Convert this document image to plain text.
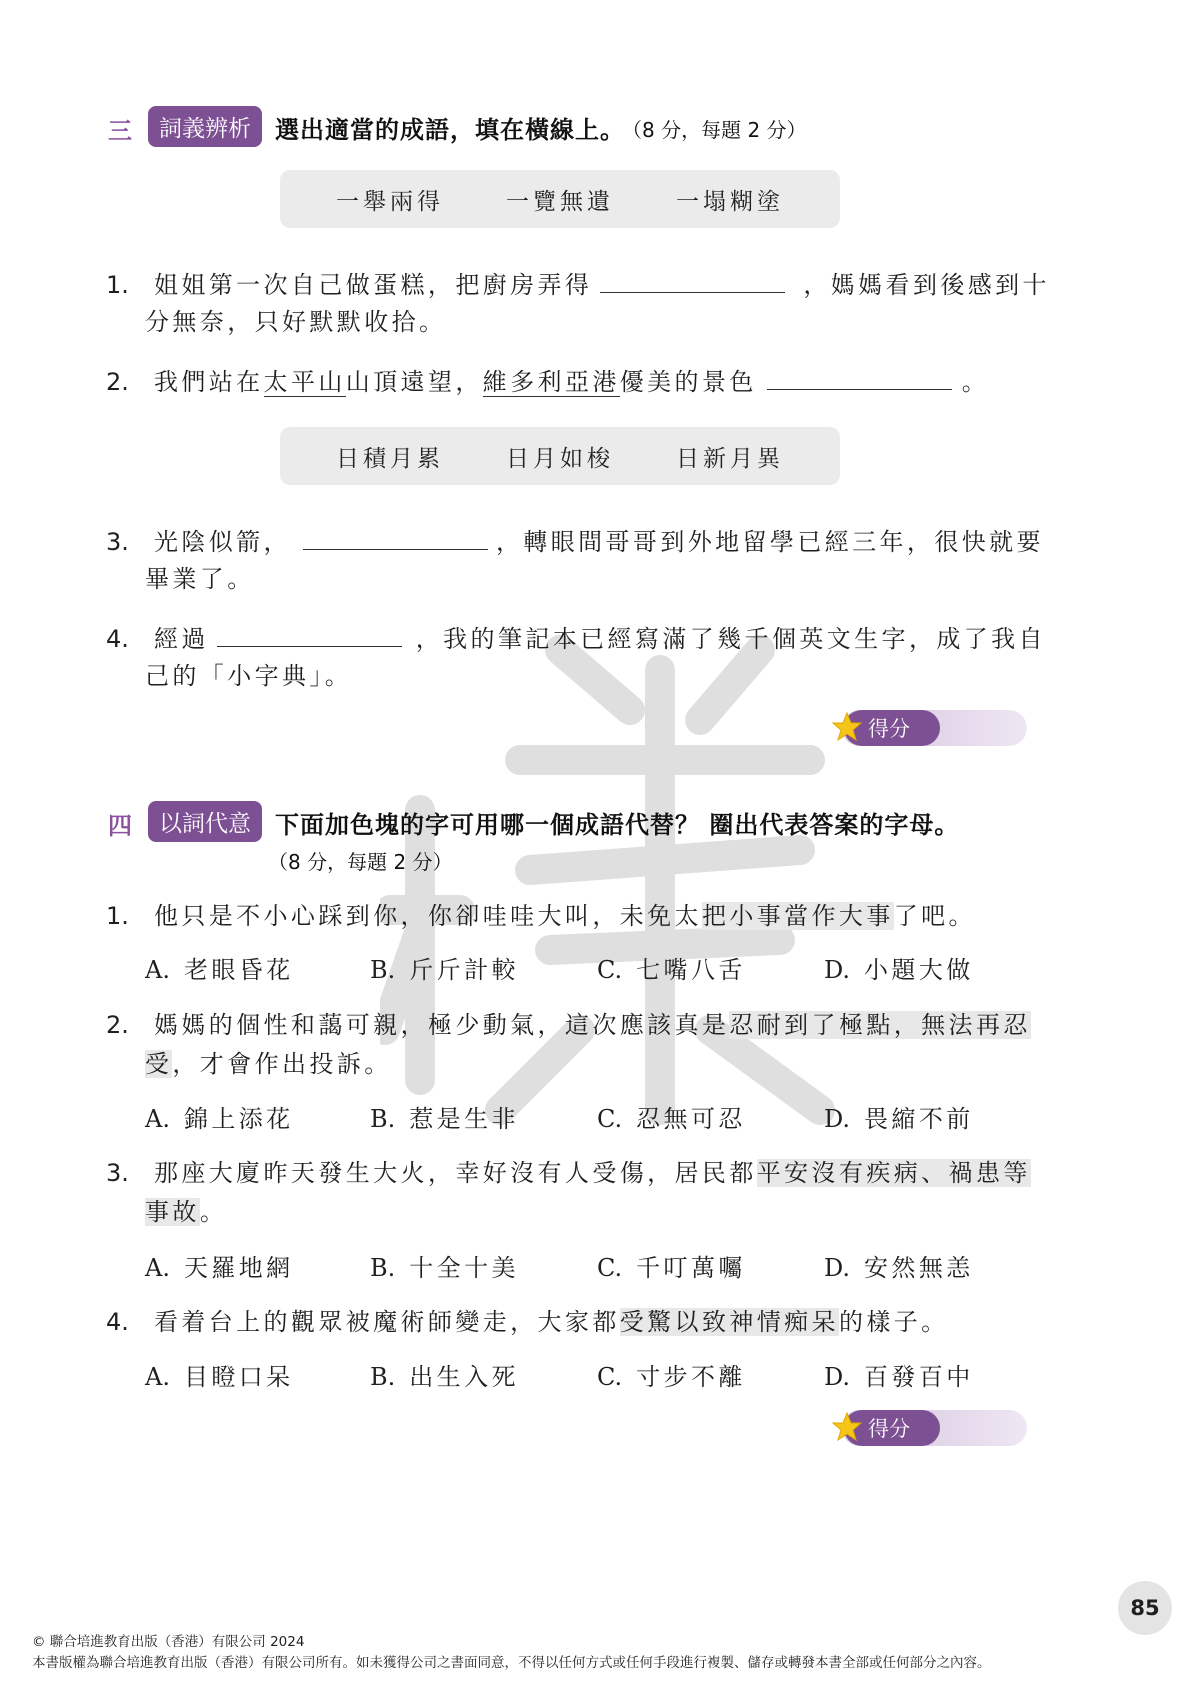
三	詞義辨析	選出適當的成語，填在橫線上。
（8 分，每題 2 分）
一舉兩得	一覽無遺	一塌糊塗
1. 姐姐第一次自己做蛋糕，把廚房弄得	，媽媽看到後感到十
分無奈，只好默默收拾。
2. 我們站在太平山山頂遠望，維多利亞港優美的景色	。
日積月累	日月如梭	日新月異
3. 光陰似箭，	，轉眼間哥哥到外地留學已經三年，很快就要
畢業了。
4. 經過	，我的筆記本已經寫滿了幾千個英文生字，成了我自
己的「小字典」。
得分
四	以詞代意	下面加色塊的字可用哪一個成語代替？ 圈出代表答案的字母。
（8 分，每題 2 分）
1. 他只是不小心踩到你，你卻哇哇大叫，未免太把小事當作大事了吧。
A. 老眼昏花	B. 斤斤計較	C. 七嘴八舌	D. 小題大做
2. 媽媽的個性和藹可親，極少動氣，這次應該真是忍耐到了極點，無法再忍
受，才會作出投訴。
A. 錦上添花	B. 惹是生非	C. 忍無可忍	D. 畏縮不前
3. 那座大廈昨天發生大火，幸好沒有人受傷，居民都平安沒有疾病、禍患等
事故。
A. 天羅地網	B. 十全十美	C. 千叮萬囑	D. 安然無恙
4. 看着台上的觀眾被魔術師變走，大家都受驚以致神情痴呆的樣子。
A. 目瞪口呆	B. 出生入死	C. 寸步不離	D. 百發百中
得分
85
© 聯合培進教育出版（香港）有限公司 2024
本書版權為聯合培進教育出版（香港）有限公司所有。如未獲得公司之書面同意，不得以任何方式或任何手段進行複製、儲存或轉發本書全部或任何部分之內容。
